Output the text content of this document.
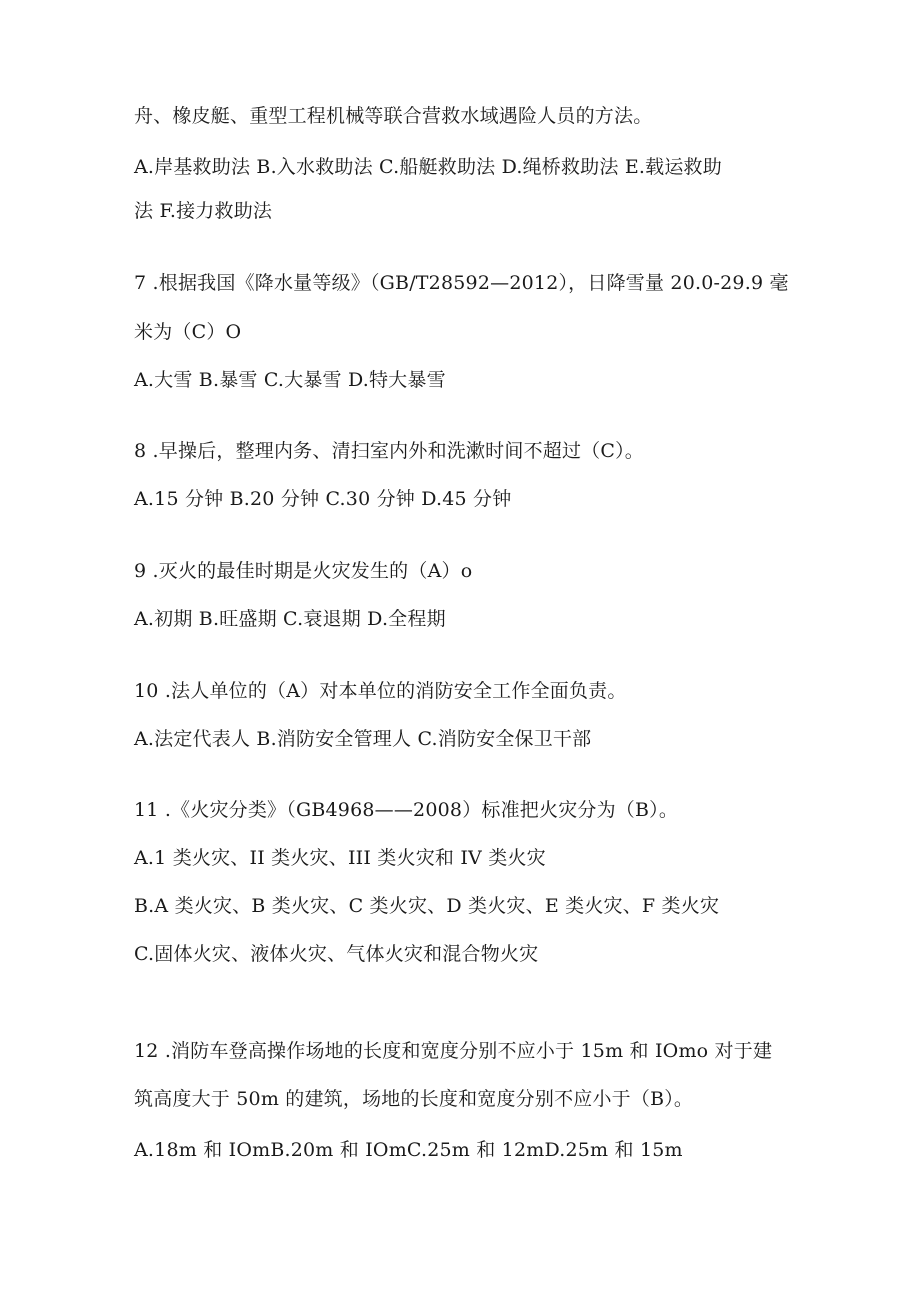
舟、橡皮艇、重型工程机械等联合营救水域遇险人员的方法。
A.岸基救助法 B.入水救助法 C.船艇救助法 D.绳桥救助法 E.载运救助
法 F.接力救助法
7 .根据我国《降水量等级》（GB/T28592—2012），日降雪量 20.0-29.9 毫
米为（C）O
A.大雪 B.暴雪 C.大暴雪 D.特大暴雪
8 .早操后，整理内务、清扫室内外和洗漱时间不超过（C）。
A.15 分钟 B.20 分钟 C.30 分钟 D.45 分钟
9 .灭火的最佳时期是火灾发生的（A）o
A.初期 B.旺盛期 C.衰退期 D.全程期
10 .法人单位的（A）对本单位的消防安全工作全面负责。
A.法定代表人 B.消防安全管理人 C.消防安全保卫干部
11 .《火灾分类》（GB4968——2008）标准把火灾分为（B）。
A.1 类火灾、II 类火灾、III 类火灾和 IV 类火灾
B.A 类火灾、B 类火灾、C 类火灾、D 类火灾、E 类火灾、F 类火灾
C.固体火灾、液体火灾、气体火灾和混合物火灾
12 .消防车登高操作场地的长度和宽度分别不应小于 15m 和 IOmo 对于建
筑高度大于 50m 的建筑，场地的长度和宽度分别不应小于（B）。
A.18m 和 IOmB.20m 和 IOmC.25m 和 12mD.25m 和 15m
